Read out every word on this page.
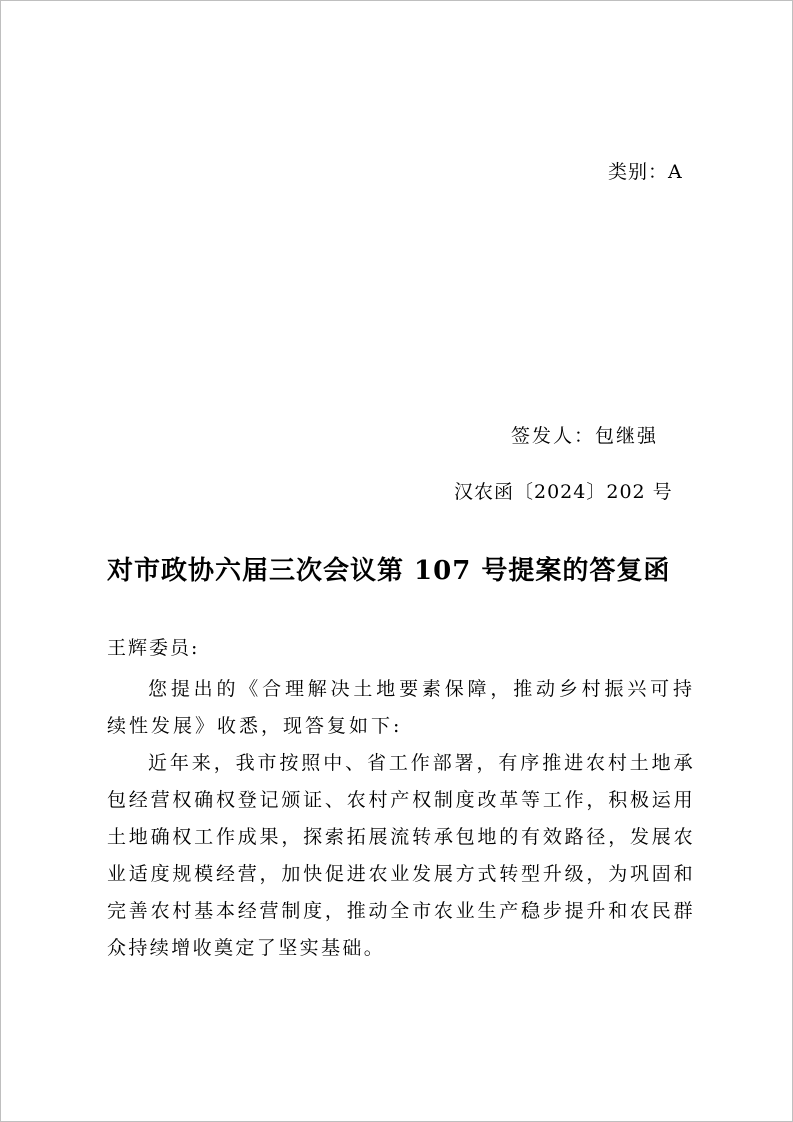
类别：A
签发人：包继强
汉农函〔2024〕202 号
对市政协六届三次会议第 107 号提案的答复函
王辉委员:

您提出的《合理解决土地要素保障，推动乡村振兴可持续性发展》收悉，现答复如下:

近年来，我市按照中、省工作部署，有序推进农村土地承包经营权确权登记颁证、农村产权制度改革等工作，积极运用土地确权工作成果，探索拓展流转承包地的有效路径，发展农业适度规模经营，加快促进农业发展方式转型升级，为巩固和完善农村基本经营制度，推动全市农业生产稳步提升和农民群众持续增收奠定了坚实基础。
